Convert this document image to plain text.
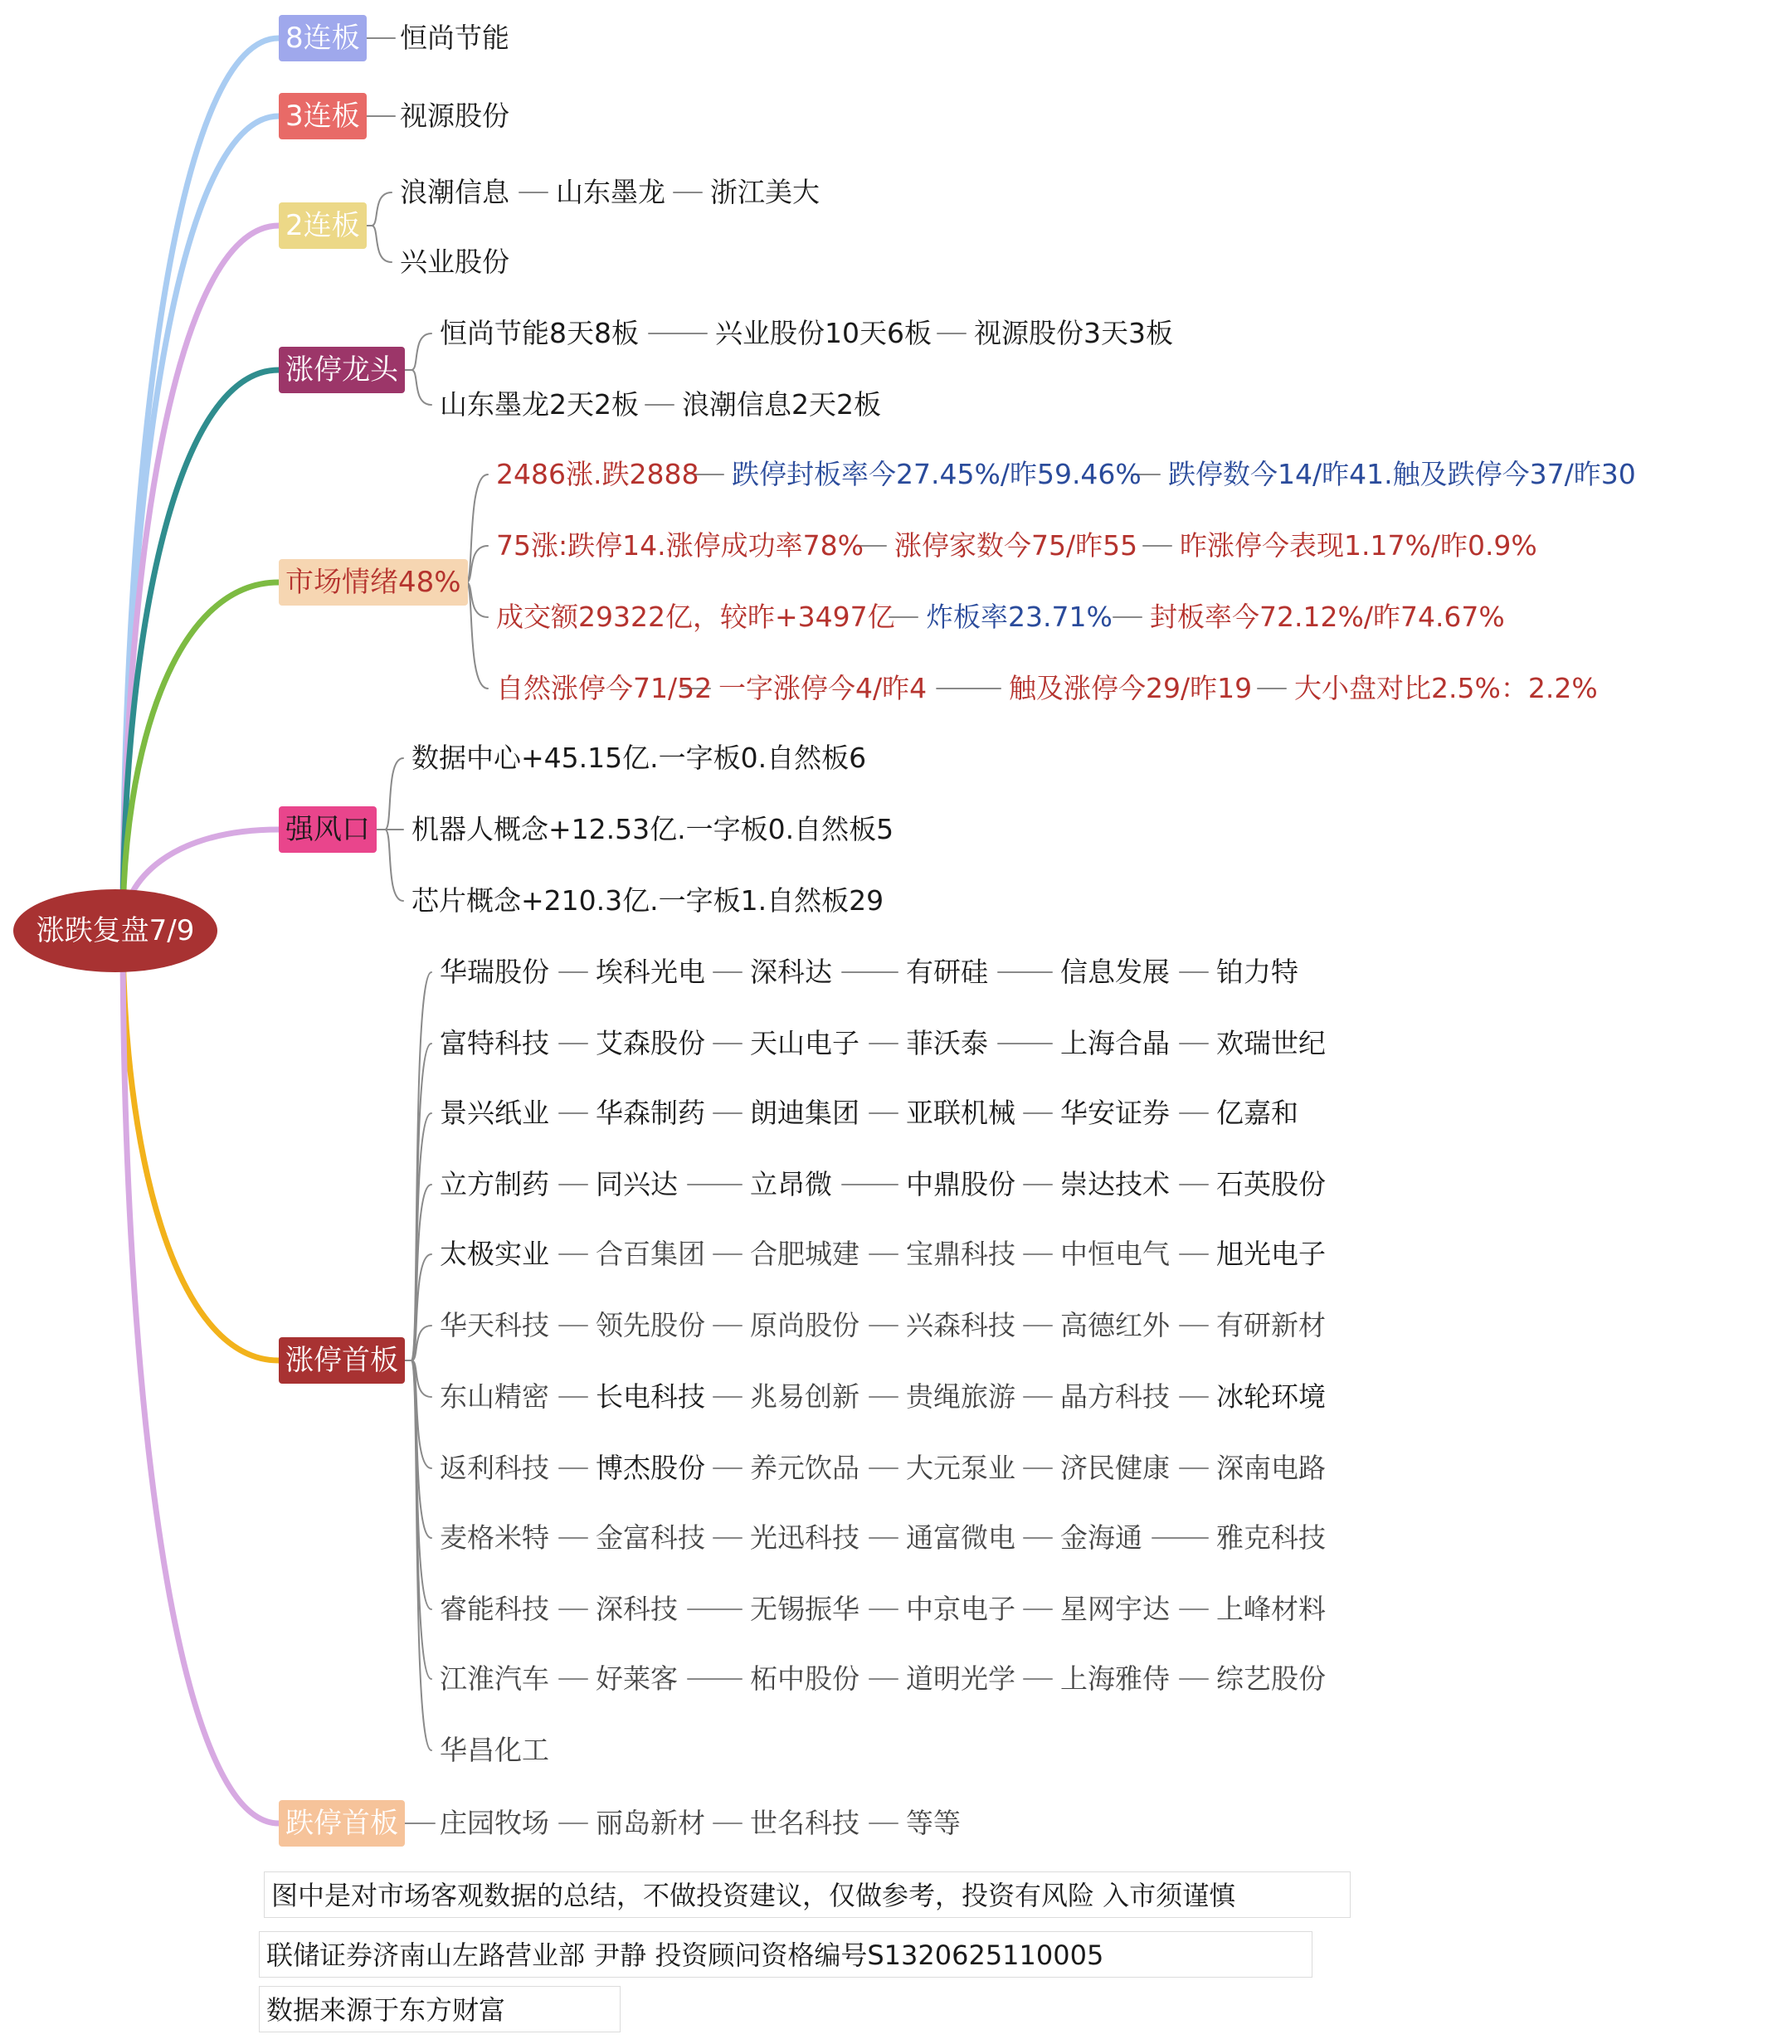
涨跌复盘7/9
8连板 恒尚节能
3连板 视源股份
2连板
浪潮信息 山东墨龙 浙江美大
兴业股份
涨停龙头
恒尚节能8天8板	兴业股份10天6板 视源股份3天3板
山东墨龙2天2板 浪潮信息2天2板
市场情绪48%
2486涨.跌2888 跌停封板率今27.45%/昨59.46% 跌停数今14/昨41.触及跌停今37/昨30
75涨:跌停14.涨停成功率78% 涨停家数今75/昨55 昨涨停今表现1.17%/昨0.9%
成交额29322亿，较昨+3497亿 炸板率23.71% 封板率今72.12%/昨74.67%
自然涨停今71/52 一字涨停今4/昨4	触及涨停今29/昨19 大小盘对比2.5%：2.2%
强风口
数据中心+45.15亿.一字板0.自然板6
机器人概念+12.53亿.一字板0.自然板5
芯片概念+210.3亿.一字板1.自然板29
涨停首板
华瑞股份 埃科光电 深科达	有研硅	信息发展 铂力特
富特科技 艾森股份 天山电子 菲沃泰	上海合晶 欢瑞世纪
景兴纸业 华森制药 朗迪集团 亚联机械 华安证券 亿嘉和
立方制药 同兴达	立昂微	中鼎股份 崇达技术 石英股份
太极实业 合百集团 合肥城建 宝鼎科技 中恒电气 旭光电子
华天科技 领先股份 原尚股份 兴森科技 高德红外 有研新材
东山精密 长电科技 兆易创新 贵绳旅游 晶方科技 冰轮环境
返利科技 博杰股份 养元饮品 大元泵业 济民健康 深南电路
麦格米特 金富科技 光迅科技 通富微电 金海通	雅克科技
睿能科技 深科技	无锡振华 中京电子 星网宇达 上峰材料
江淮汽车 好莱客	柘中股份 道明光学 上海雅侍 综艺股份
华昌化工
跌停首板 庄园牧场 丽岛新材 世名科技 等等
图中是对市场客观数据的总结，不做投资建议，仅做参考，投资有风险 入市须谨慎
联储证券济南山左路营业部 尹静 投资顾问资格编号S1320625110005
数据来源于东方财富
